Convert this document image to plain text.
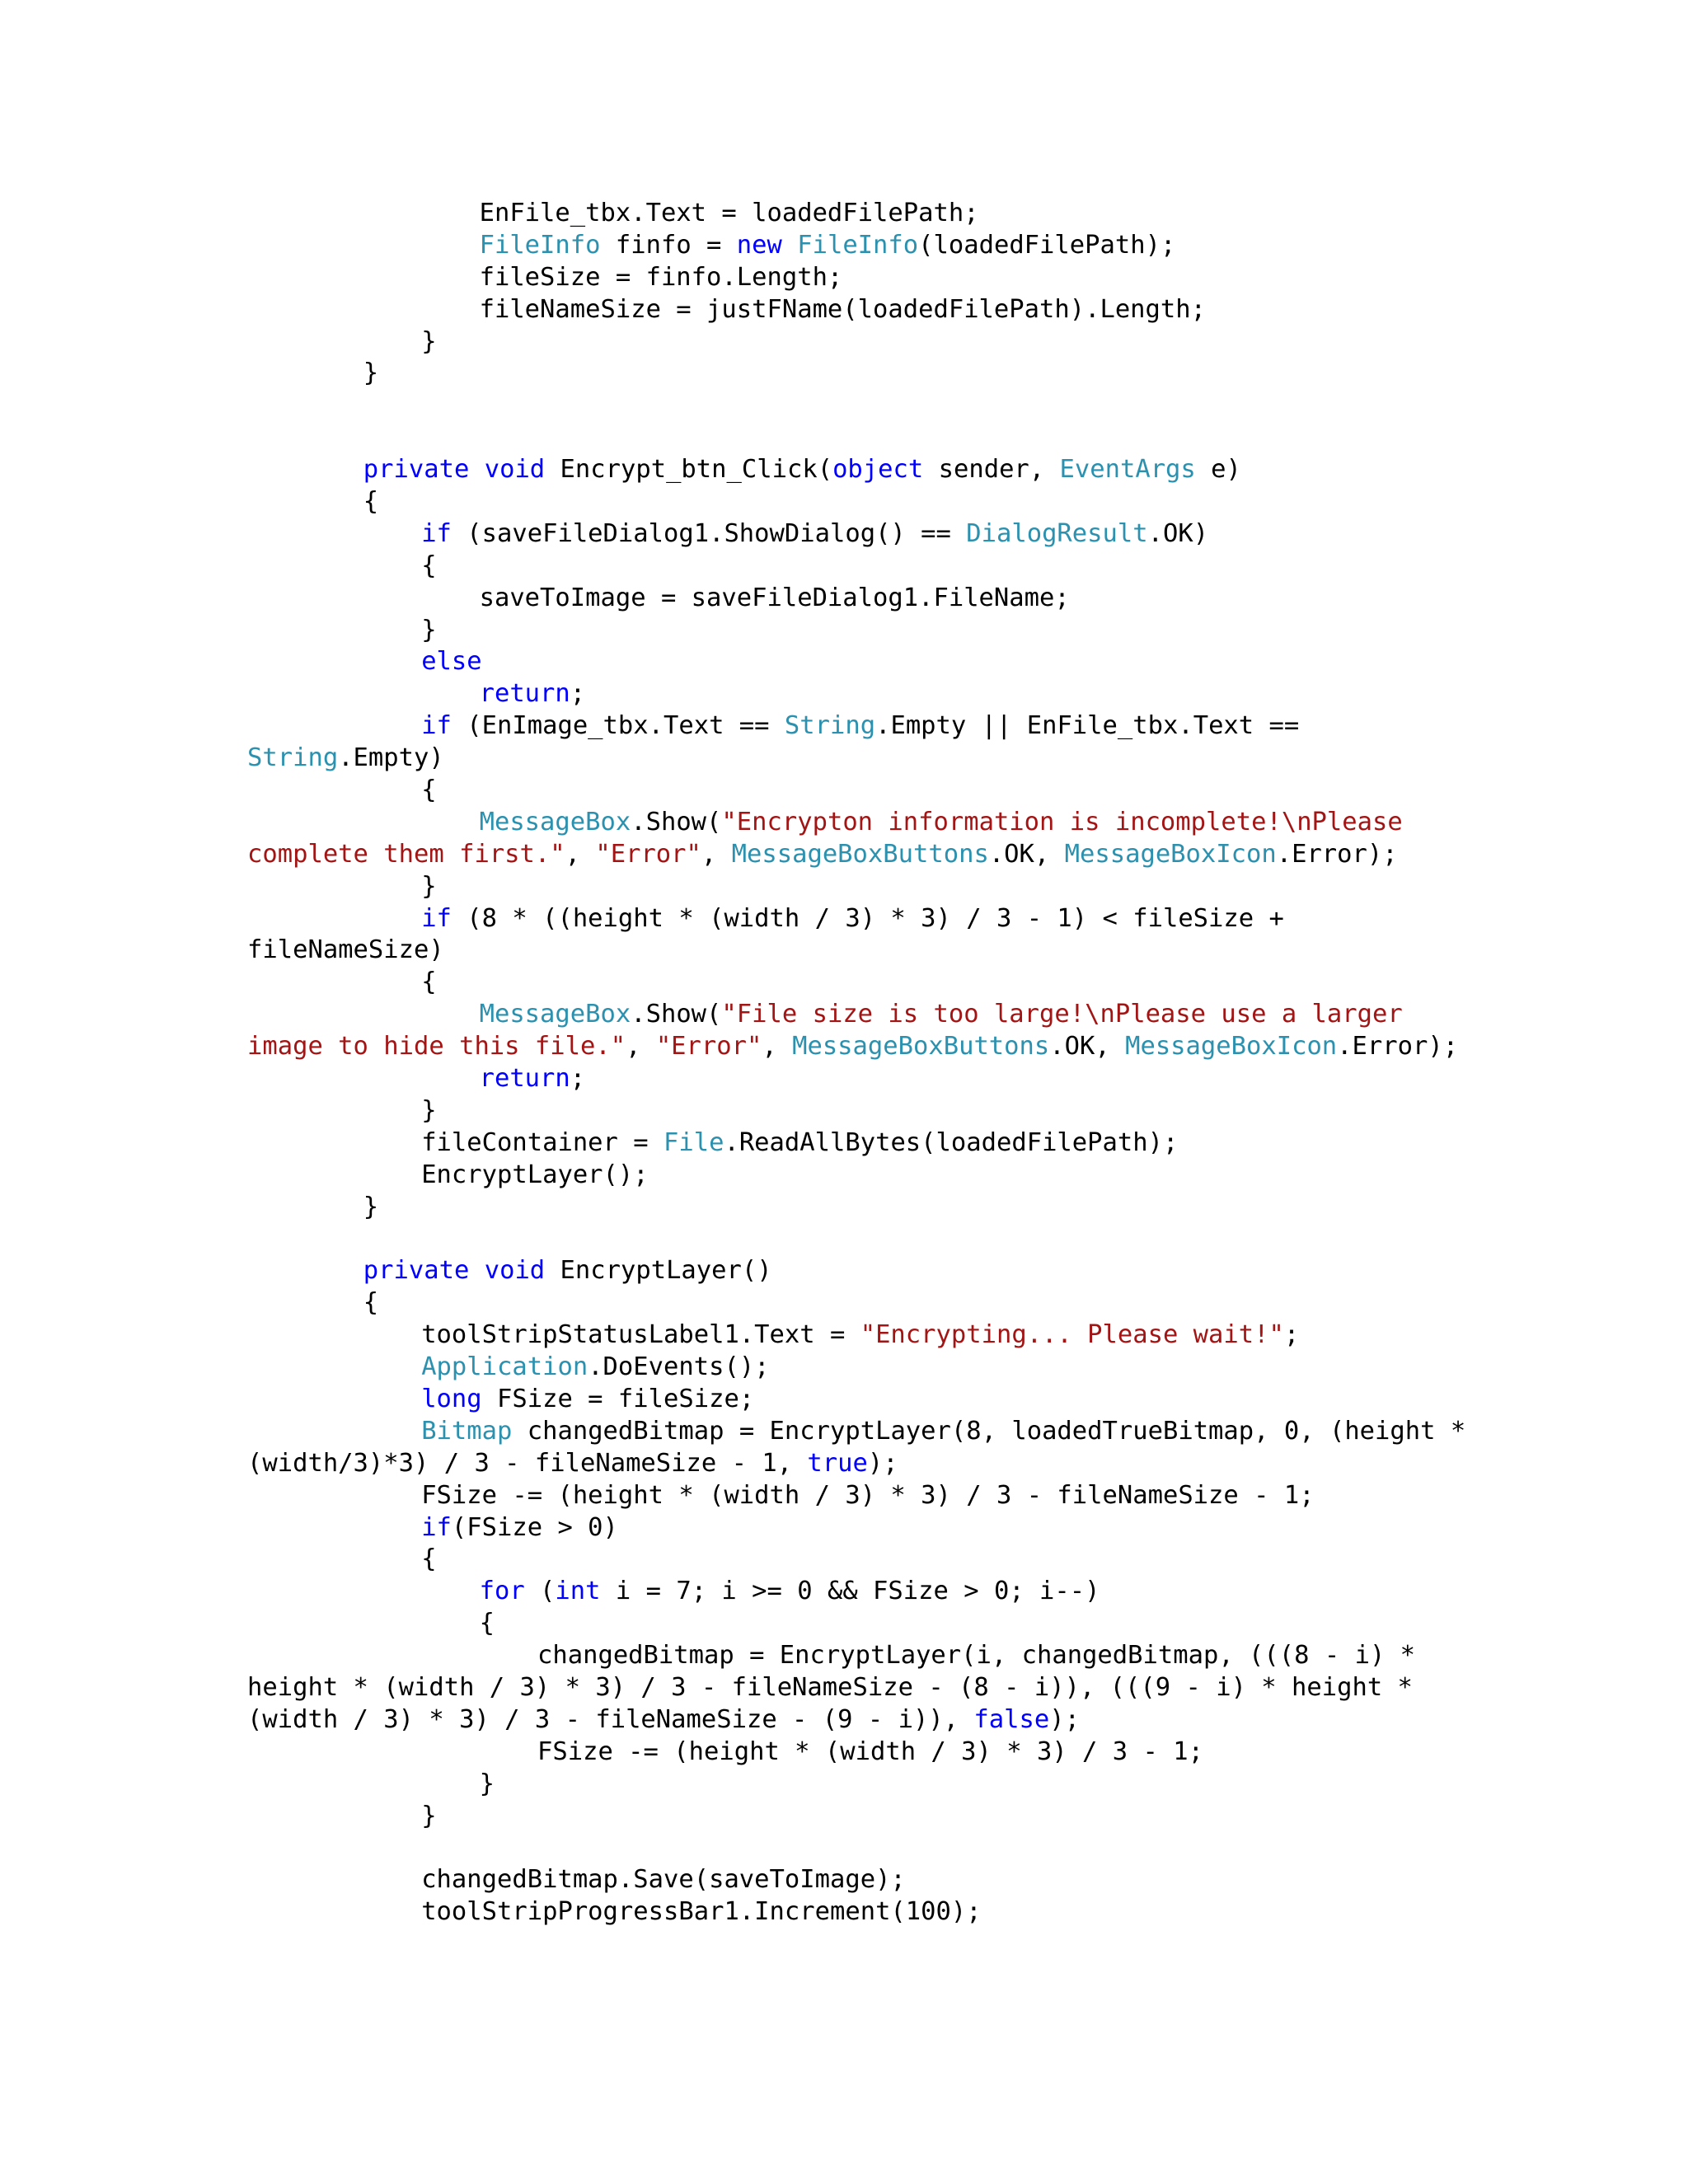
EnFile_tbx.Text = loadedFilePath;
FileInfo finfo = new FileInfo(loadedFilePath);
fileSize = finfo.Length;
fileNameSize = justFName(loadedFilePath).Length;
}
}

private void Encrypt_btn_Click(object sender, EventArgs e)
{
if (saveFileDialog1.ShowDialog() == DialogResult.OK)
{
saveToImage = saveFileDialog1.FileName;
}
else
return;
if (EnImage_tbx.Text == String.Empty || EnFile_tbx.Text ==
String.Empty)
{
MessageBox.Show("Encrypton information is incomplete!\nPlease
complete them first.", "Error", MessageBoxButtons.OK, MessageBoxIcon.Error);
}
if (8 * ((height * (width / 3) * 3) / 3 - 1) < fileSize +
fileNameSize)
{
MessageBox.Show("File size is too large!\nPlease use a larger
image to hide this file.", "Error", MessageBoxButtons.OK, MessageBoxIcon.Error);
return;
}
fileContainer = File.ReadAllBytes(loadedFilePath);
EncryptLayer();
}

private void EncryptLayer()
{
toolStripStatusLabel1.Text = "Encrypting... Please wait!";
Application.DoEvents();
long FSize = fileSize;
Bitmap changedBitmap = EncryptLayer(8, loadedTrueBitmap, 0, (height *
(width/3)*3) / 3 - fileNameSize - 1, true);
FSize -= (height * (width / 3) * 3) / 3 - fileNameSize - 1;
if(FSize > 0)
{
for (int i = 7; i >= 0 && FSize > 0; i--)
{
changedBitmap = EncryptLayer(i, changedBitmap, (((8 - i) *
height * (width / 3) * 3) / 3 - fileNameSize - (8 - i)), (((9 - i) * height *
(width / 3) * 3) / 3 - fileNameSize - (9 - i)), false);
FSize -= (height * (width / 3) * 3) / 3 - 1;
}
}

changedBitmap.Save(saveToImage);
toolStripProgressBar1.Increment(100);
